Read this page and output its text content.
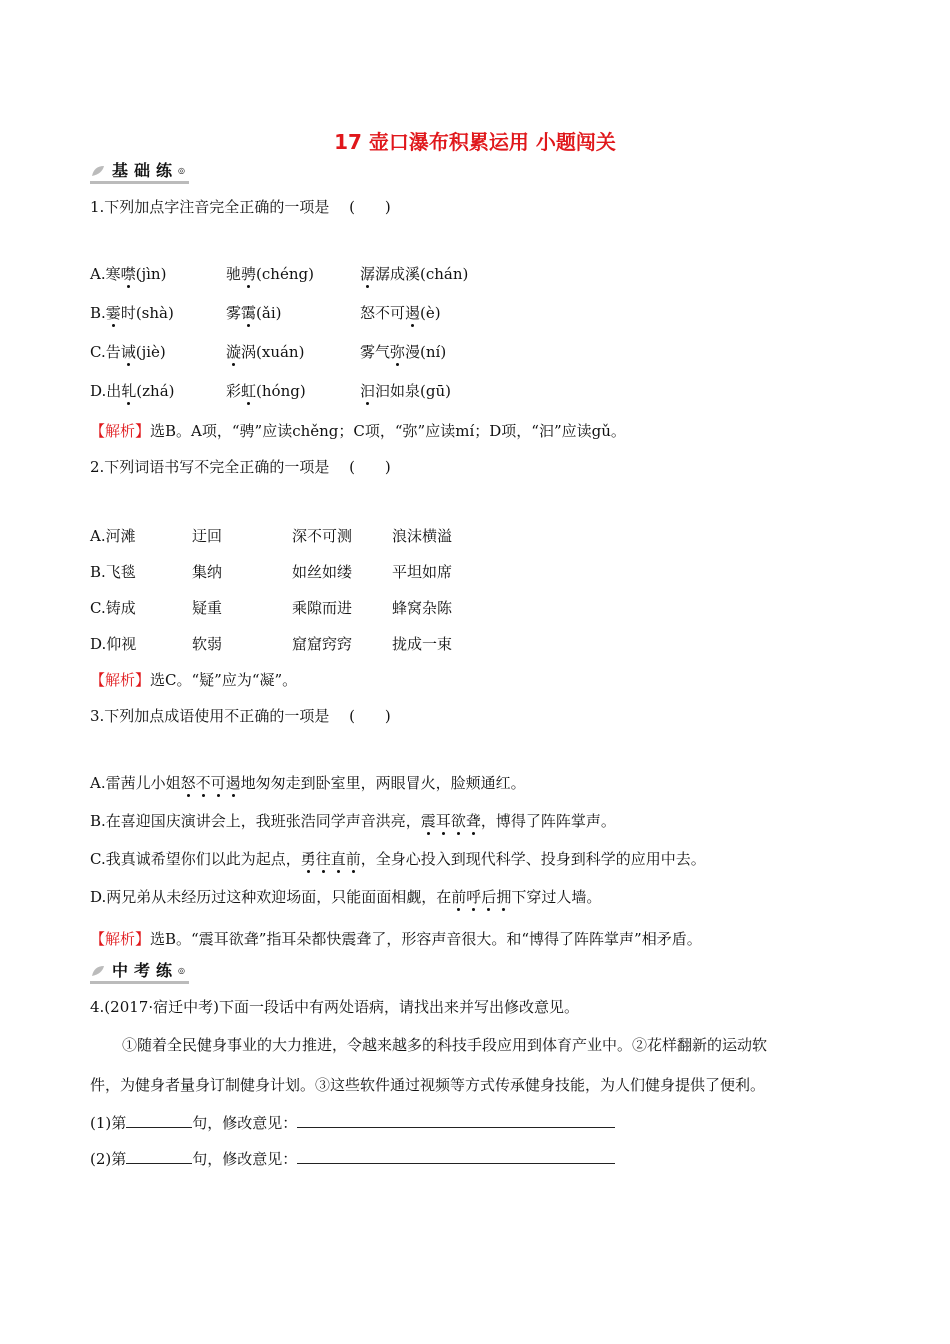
17 壶口瀑布积累运用 小题闯关
基础练◎
1.下列加点字注音完全正确的一项是　 (　　)
A.寒噤(jìn)	驰骋(chéng)	潺潺成溪(chán)
B.霎时(shà)	雾霭(ǎi)	怒不可遏(è)
C.告诫(jiè)	漩涡(xuán)	雾气弥漫(ní)
D.出轧(zhá)	彩虹(hóng)	汩汩如泉(gū)
【解析】选B。A项，“骋”应读chěng；C项，“弥”应读mí；D项，“汩”应读gǔ。
2.下列词语书写不完全正确的一项是　 (　　)
A.河滩	迂回	深不可测	浪沫横溢
B.飞毯	集纳	如丝如缕	平坦如席
C.铸成	疑重	乘隙而进	蜂窝杂陈
D.仰视	软弱	窟窟窍窍	拢成一束
【解析】选C。“疑”应为“凝”。
3.下列加点成语使用不正确的一项是　 (　　)
A.雷茜儿小姐怒不可遏地匆匆走到卧室里，两眼冒火，脸颊通红。
B.在喜迎国庆演讲会上，我班张浩同学声音洪亮，震耳欲聋，博得了阵阵掌声。
C.我真诚希望你们以此为起点，勇往直前，全身心投入到现代科学、投身到科学的应用中去。
D.两兄弟从未经历过这种欢迎场面，只能面面相觑，在前呼后拥下穿过人墙。
【解析】选B。“震耳欲聋”指耳朵都快震聋了，形容声音很大。和“博得了阵阵掌声”相矛盾。
中考练◎
4.(2017·宿迁中考)下面一段话中有两处语病，请找出来并写出修改意见。
①随着全民健身事业的大力推进，令越来越多的科技手段应用到体育产业中。②花样翻新的运动软
件，为健身者量身订制健身计划。③这些软件通过视频等方式传承健身技能，为人们健身提供了便利。
(1)第	句，修改意见：
(2)第	句，修改意见：
